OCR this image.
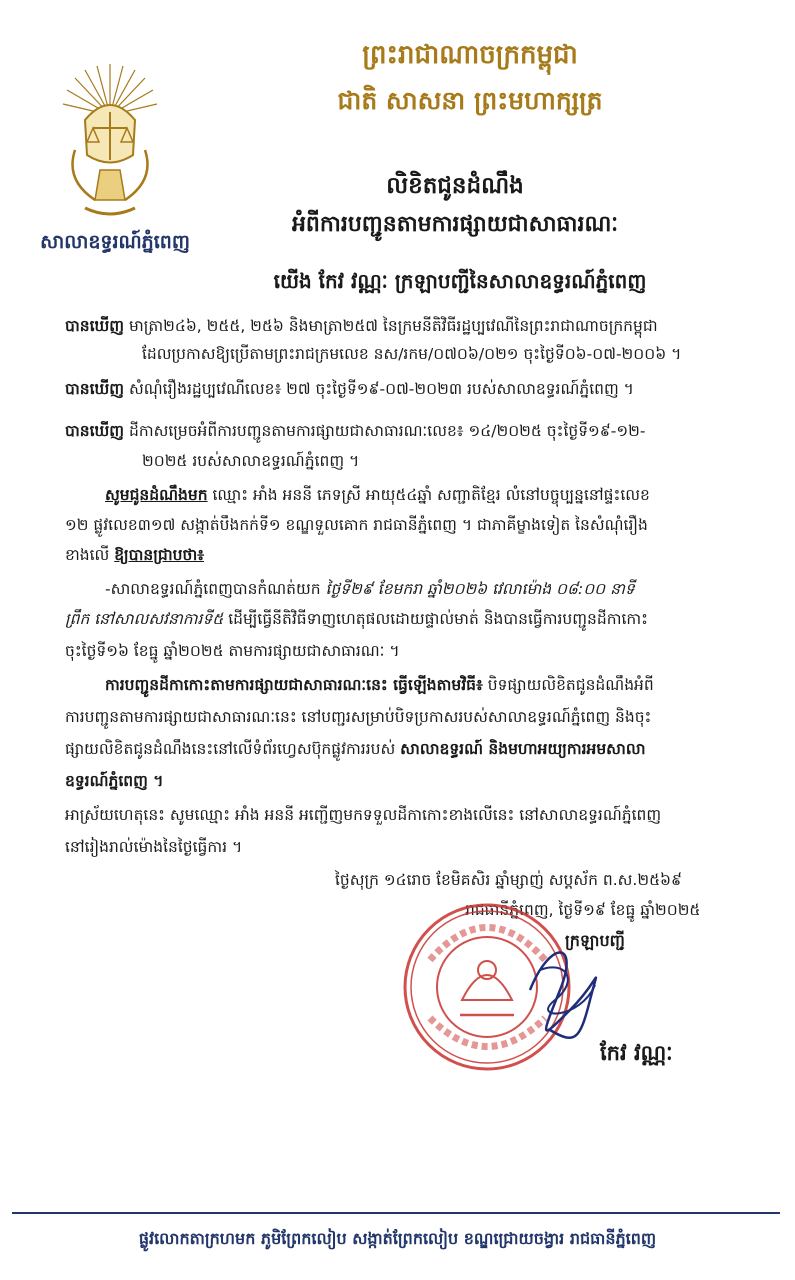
សាលាឧទ្ធរណ៍ភ្នំពេញ
ព្រះរាជាណាចក្រកម្ពុជា
ជាតិ សាសនា ព្រះមហាក្សត្រ
លិខិតជូនដំណឹង
អំពីការបញ្ជូនតាមការផ្សាយជាសាធារណៈ
យើង កែវ វណ្ណៈ ក្រឡាបញ្ជីនៃសាលាឧទ្ធរណ៍ភ្នំពេញ
បានឃើញ មាត្រា២៤៦, ២៥៥, ២៥៦ និងមាត្រា២៥៧ នៃក្រមនីតិវិធីរដ្ឋប្បវេណីនៃព្រះរាជាណាចក្រកម្ពុជា
ដែលប្រកាសឱ្យប្រើតាមព្រះរាជក្រមលេខ នស/រកម/០៧០៦/០២១ ចុះថ្ងៃទី០៦-០៧-២០០៦ ។
បានឃើញ សំណុំរឿងរដ្ឋប្បវេណីលេខ៖ ២៧ ចុះថ្ងៃទី១៩-០៧-២០២៣ របស់សាលាឧទ្ធរណ៍ភ្នំពេញ ។
បានឃើញ ដីកាសម្រេចអំពីការបញ្ជូនតាមការផ្សាយជាសាធារណៈលេខ៖ ១៤/២០២៥ ចុះថ្ងៃទី១៩-១២-
២០២៥ របស់សាលាឧទ្ធរណ៍ភ្នំពេញ ។
សូមជូនដំណឹងមក ឈ្មោះ អាំង អននី ភេទស្រី អាយុ៥៤ឆ្នាំ សញ្ជាតិខ្មែរ លំនៅបច្ចុប្បន្ននៅផ្ទះលេខ
១២ ផ្លូវលេខ៣១៧ សង្កាត់បឹងកក់ទី១ ខណ្ឌទួលគោក រាជធានីភ្នំពេញ ។ ជាភាគីម្ខាងទៀត នៃសំណុំរឿង
ខាងលើ ឱ្យបានជ្រាបថា៖
-សាលាឧទ្ធរណ៍ភ្នំពេញបានកំណត់យក ថ្ងៃទី២៩ ខែមករា ឆ្នាំ២០២៦ វេលាម៉ោង ០៨:០០ នាទី
ព្រឹក នៅសាលសវនាការទី៥ ដើម្បីធ្វើនីតិវិធីទាញហេតុផលដោយផ្ទាល់មាត់ និងបានធ្វើការបញ្ជូនដីកាកោះ
ចុះថ្ងៃទី១៦ ខែធ្នូ ឆ្នាំ២០២៥ តាមការផ្សាយជាសាធារណៈ ។
ការបញ្ជូនដីកាកោះតាមការផ្សាយជាសាធារណៈនេះ ធ្វើឡើងតាមវិធី៖ បិទផ្សាយលិខិតជូនដំណឹងអំពី
ការបញ្ជូនតាមការផ្សាយជាសាធារណៈនេះ នៅបញ្ជរសម្រាប់បិទប្រកាសរបស់សាលាឧទ្ធរណ៍ភ្នំពេញ និងចុះ
ផ្សាយលិខិតជូនដំណឹងនេះនៅលើទំព័រហ្វេសប៊ុកផ្លូវការរបស់ សាលាឧទ្ធរណ៍ និងមហាអយ្យការអមសាលា
ឧទ្ធរណ៍ភ្នំពេញ ។
អាស្រ័យហេតុនេះ សូមឈ្មោះ អាំង អននី អញ្ជើញមកទទួលដីកាកោះខាងលើនេះ នៅសាលាឧទ្ធរណ៍ភ្នំពេញ
នៅរៀងរាល់ម៉ោងនៃថ្ងៃធ្វើការ ។
ថ្ងៃសុក្រ ១៤រោច ខែមិគសិរ ឆ្នាំម្សាញ់ សប្តស័ក ព.ស.២៥៦៩
រាជធានីភ្នំពេញ, ថ្ងៃទី១៩ ខែធ្នូ ឆ្នាំ២០២៥
ក្រឡាបញ្ជី
កែវ វណ្ណៈ
ផ្លូវលោកតាក្រហមក ភូមិព្រែកលៀប សង្កាត់ព្រែកលៀប ខណ្ឌជ្រោយចង្វារ រាជធានីភ្នំពេញ
